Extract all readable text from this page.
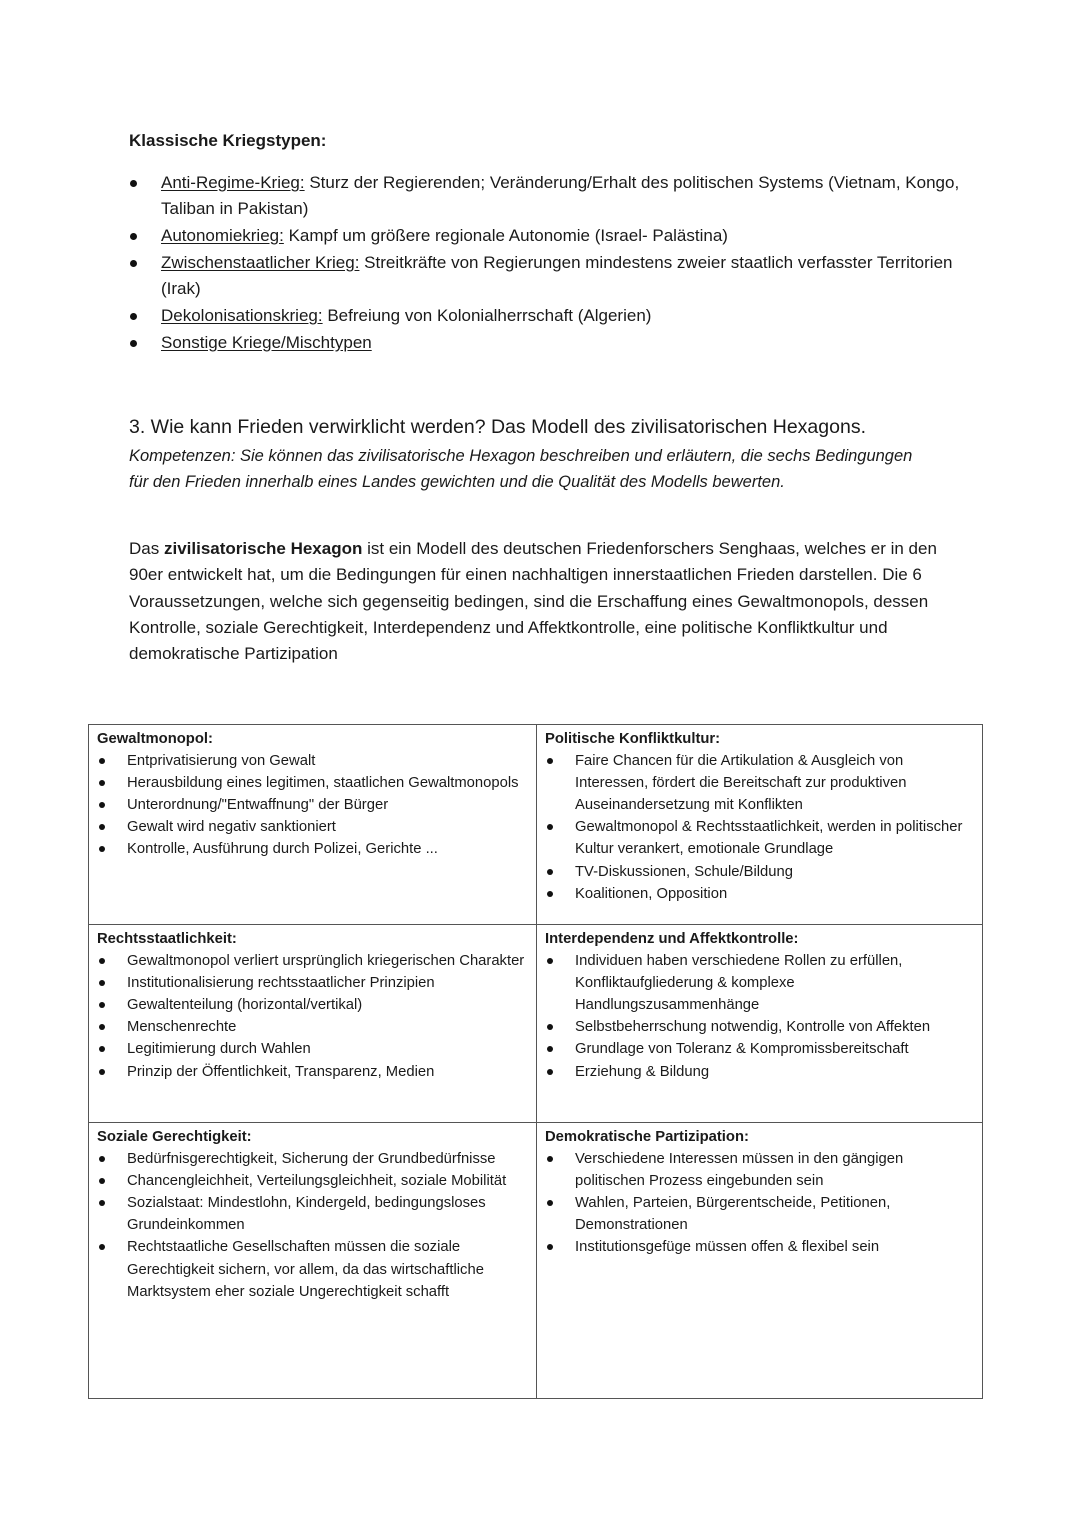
Klassische Kriegstypen:
Anti-Regime-Krieg: Sturz der Regierenden; Veränderung/Erhalt des politischen Systems (Vietnam, Kongo, Taliban in Pakistan)
Autonomiekrieg: Kampf um größere regionale Autonomie (Israel- Palästina)
Zwischenstaatlicher Krieg: Streitkräfte von Regierungen mindestens zweier staatlich verfasster Territorien (Irak)
Dekolonisationskrieg: Befreiung von Kolonialherrschaft (Algerien)
Sonstige Kriege/Mischtypen
3. Wie kann Frieden verwirklicht werden? Das Modell des zivilisatorischen Hexagons.

Kompetenzen: Sie können das zivilisatorische Hexagon beschreiben und erläutern, die sechs Bedingungen für den Frieden innerhalb eines Landes gewichten und die Qualität des Modells bewerten.

Das zivilisatorische Hexagon ist ein Modell des deutschen Friedenforschers Senghaas, welches er in den 90er entwickelt hat, um die Bedingungen für einen nachhaltigen innerstaatlichen Frieden darstellen. Die 6 Voraussetzungen, welche sich gegenseitig bedingen, sind die Erschaffung eines Gewaltmonopols, dessen Kontrolle, soziale Gerechtigkeit, Interdependenz und Affektkontrolle, eine politische Konfliktkultur und demokratische Partizipation

Gewaltmonopol:

Entprivatisierung von Gewalt
Herausbildung eines legitimen, staatlichen Gewaltmonopols
Unterordnung/"Entwaffnung" der Bürger
Gewalt wird negativ sanktioniert
Kontrolle, Ausführung durch Polizei, Gerichte ...

Politische Konfliktkultur:

Faire Chancen für die Artikulation & Ausgleich von Interessen, fördert die Bereitschaft zur produktiven Auseinandersetzung mit Konflikten
Gewaltmonopol & Rechtsstaatlichkeit, werden in politischer Kultur verankert, emotionale Grundlage
TV-Diskussionen, Schule/Bildung
Koalitionen, Opposition

Rechtsstaatlichkeit:

Gewaltmonopol verliert ursprünglich kriegerischen Charakter
Institutionalisierung rechtsstaatlicher Prinzipien
Gewaltenteilung (horizontal/vertikal)
Menschenrechte
Legitimierung durch Wahlen
Prinzip der Öffentlichkeit, Transparenz, Medien

Interdependenz und Affektkontrolle:

Individuen haben verschiedene Rollen zu erfüllen, Konfliktaufgliederung & komplexe Handlungszusammenhänge
Selbstbeherrschung notwendig, Kontrolle von Affekten
Grundlage von Toleranz & Kompromissbereitschaft
Erziehung & Bildung

Soziale Gerechtigkeit:

Bedürfnisgerechtigkeit, Sicherung der Grundbedürfnisse
Chancengleichheit, Verteilungsgleichheit, soziale Mobilität
Sozialstaat: Mindestlohn, Kindergeld, bedingungsloses Grundeinkommen
Rechtstaatliche Gesellschaften müssen die soziale Gerechtigkeit sichern, vor allem, da das wirtschaftliche Marktsystem eher soziale Ungerechtigkeit schafft

Demokratische Partizipation:

Verschiedene Interessen müssen in den gängigen politischen Prozess eingebunden sein
Wahlen, Parteien, Bürgerentscheide, Petitionen, Demonstrationen
Institutionsgefüge müssen offen & flexibel sein
